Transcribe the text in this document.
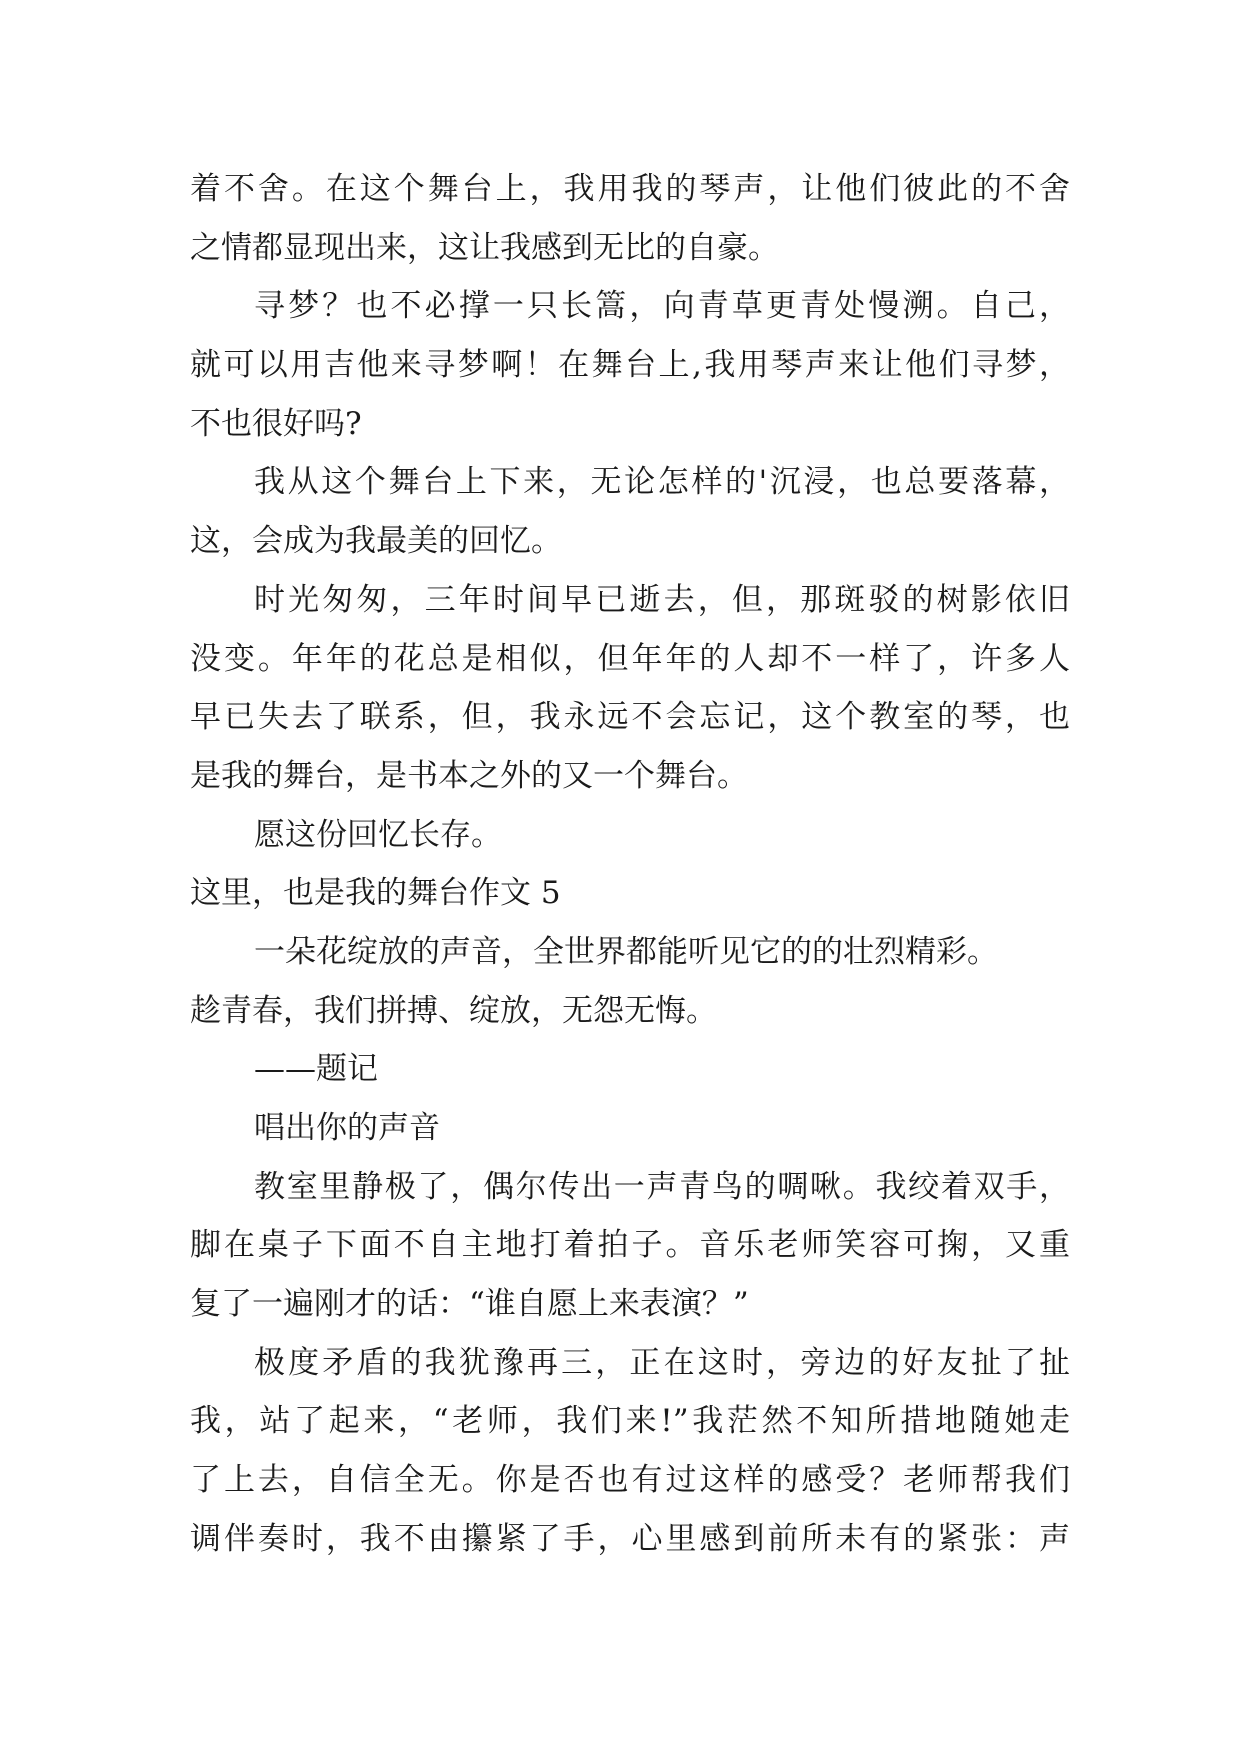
着不舍。在这个舞台上，我用我的琴声，让他们彼此的不舍
之情都显现出来，这让我感到无比的自豪。
寻梦？也不必撑一只长篙，向青草更青处慢溯。自己，
就可以用吉他来寻梦啊！在舞台上,我用琴声来让他们寻梦，
不也很好吗?
我从这个舞台上下来，无论怎样的'沉浸，也总要落幕，
这，会成为我最美的回忆。
时光匆匆，三年时间早已逝去，但，那斑驳的树影依旧
没变。年年的花总是相似，但年年的人却不一样了，许多人
早已失去了联系，但，我永远不会忘记，这个教室的琴，也
是我的舞台，是书本之外的又一个舞台。
愿这份回忆长存。
这里，也是我的舞台作文 5
一朵花绽放的声音，全世界都能听见它的的壮烈精彩。
趁青春，我们拼搏、绽放，无怨无悔。
——题记
唱出你的声音
教室里静极了，偶尔传出一声青鸟的啁啾。我绞着双手，
脚在桌子下面不自主地打着拍子。音乐老师笑容可掬，又重
复了一遍刚才的话：“谁自愿上来表演？”
极度矛盾的我犹豫再三，正在这时，旁边的好友扯了扯
我，站了起来，“老师，我们来!”我茫然不知所措地随她走
了上去，自信全无。你是否也有过这样的感受？老师帮我们
调伴奏时，我不由攥紧了手，心里感到前所未有的紧张：声
